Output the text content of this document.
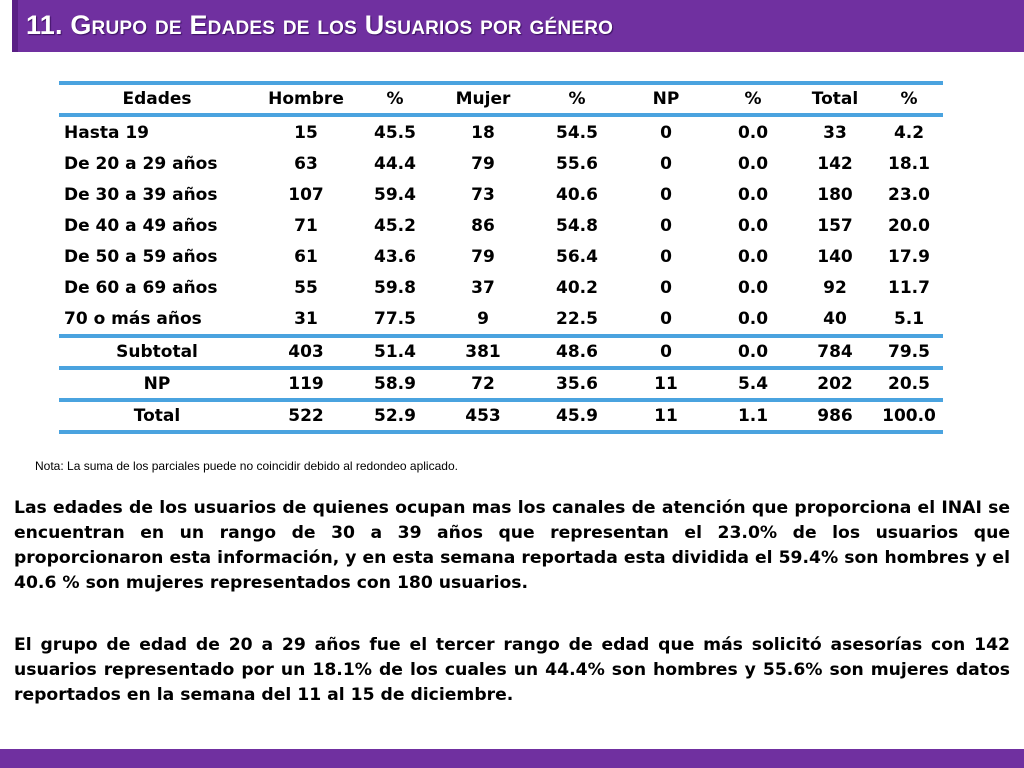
11. Grupo de Edades de los Usuarios por género
Edades	Hombre	%	Mujer	%	NP	%	Total	%
Hasta 19	15	45.5	18	54.5	0	0.0	33	4.2
De 20 a 29 años	63	44.4	79	55.6	0	0.0	142	18.1
De 30 a 39 años	107	59.4	73	40.6	0	0.0	180	23.0
De 40 a 49 años	71	45.2	86	54.8	0	0.0	157	20.0
De 50 a 59 años	61	43.6	79	56.4	0	0.0	140	17.9
De 60 a 69 años	55	59.8	37	40.2	0	0.0	92	11.7
70 o más años	31	77.5	9	22.5	0	0.0	40	5.1
Subtotal	403	51.4	381	48.6	0	0.0	784	79.5
NP	119	58.9	72	35.6	11	5.4	202	20.5
Total	522	52.9	453	45.9	11	1.1	986	100.0
Nota: La suma de los parciales puede no coincidir debido al redondeo aplicado.

Las edades de los usuarios de quienes ocupan mas los canales de atención que proporciona el INAI se encuentran en un rango de 30 a 39 años que representan el 23.0% de los usuarios que proporcionaron esta información, y en esta semana reportada esta dividida el 59.4% son hombres y el 40.6 % son mujeres representados con 180 usuarios.

El grupo de edad de 20 a 29 años fue el tercer rango de edad que más solicitó asesorías con 142 usuarios representado por un 18.1% de los cuales un 44.4% son hombres y 55.6% son mujeres datos reportados en la semana del 11 al 15 de diciembre.
